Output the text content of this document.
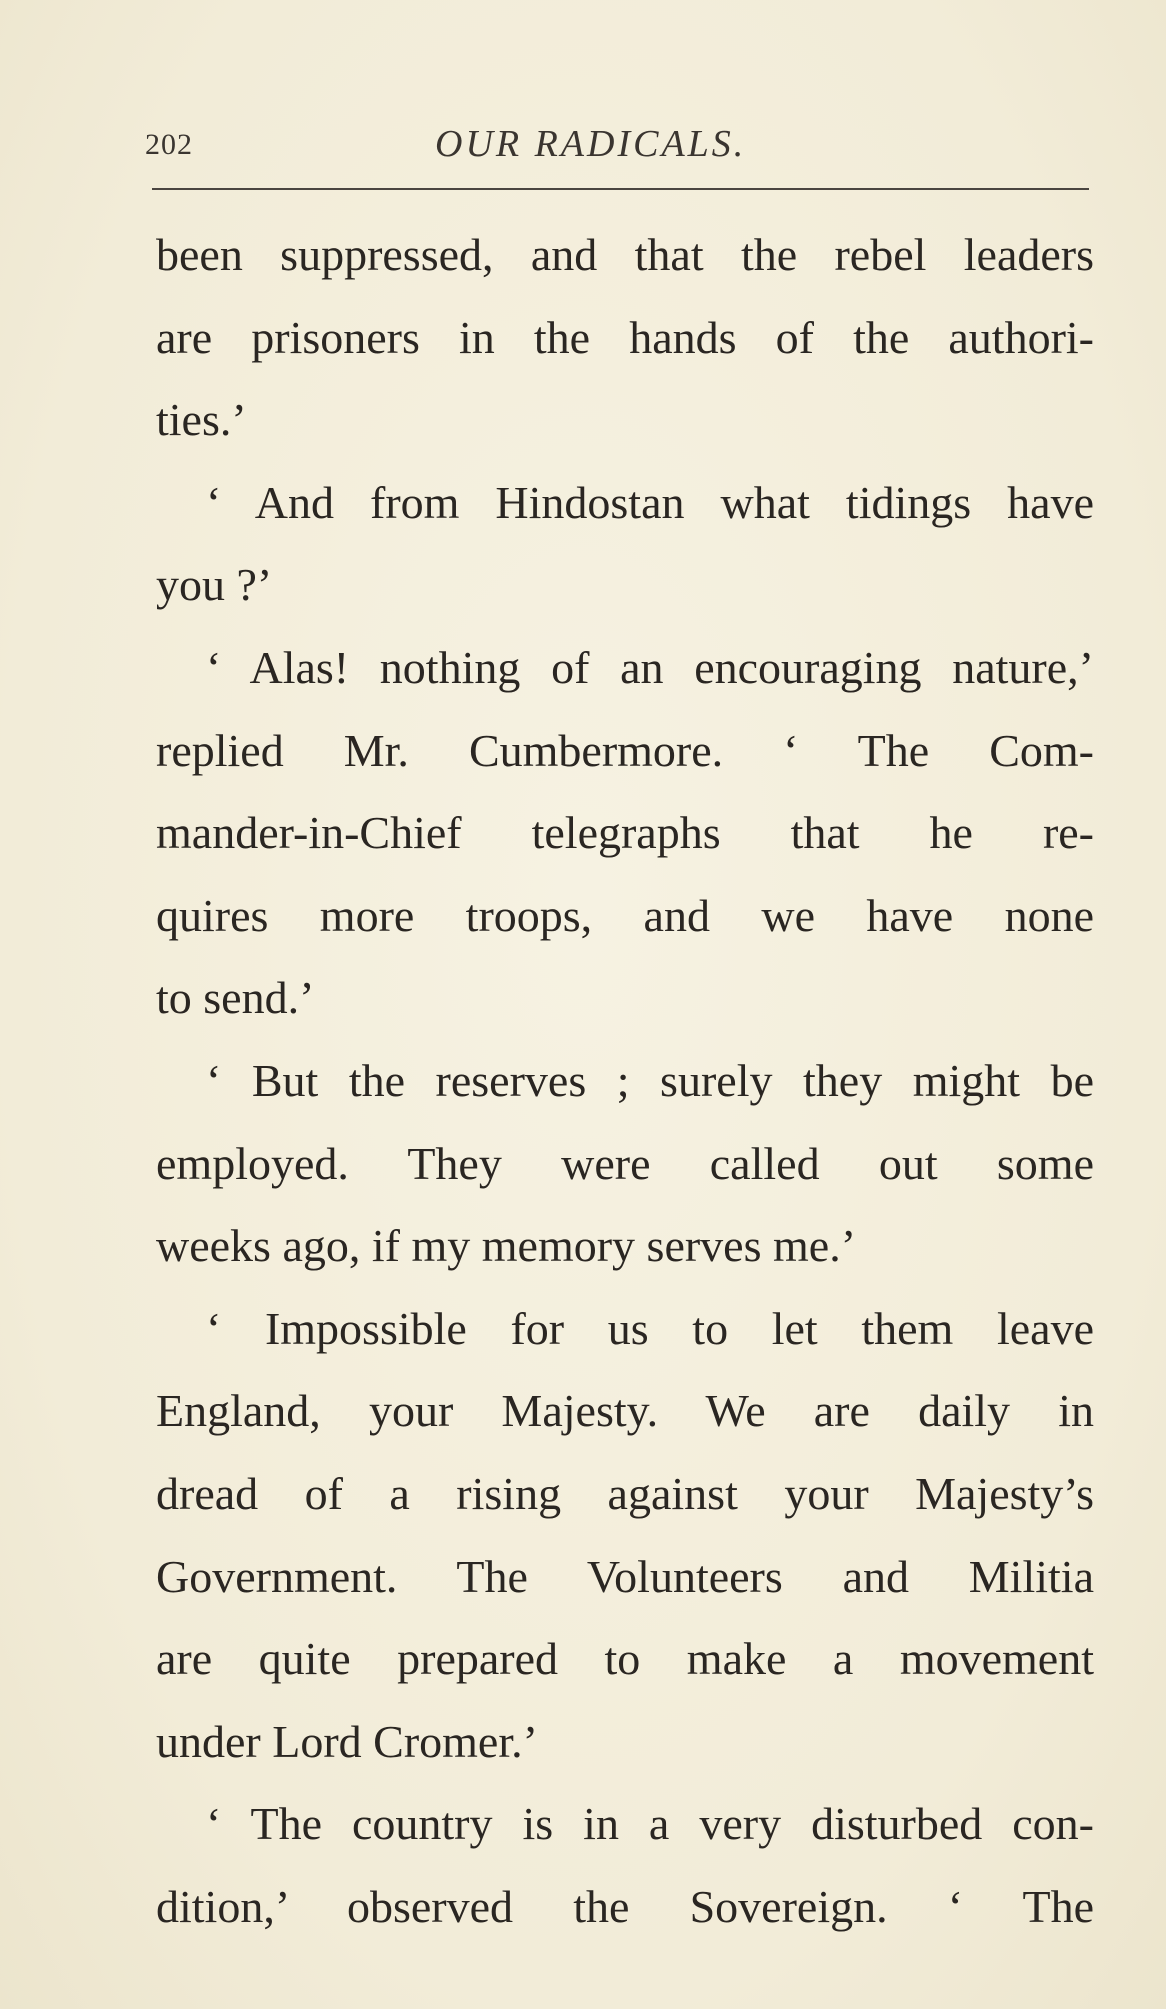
202	OUR RADICALS.
been suppressed, and that the rebel leaders
are prisoners in the hands of the authori-
ties.’
‘ And from Hindostan what tidings have
you ?’
‘ Alas! nothing of an encouraging nature,’
replied Mr. Cumbermore. ‘ The Com-
mander-in-Chief telegraphs that he re-
quires more troops, and we have none
to send.’
‘ But the reserves ; surely they might be
employed. They were called out some
weeks ago, if my memory serves me.’
‘ Impossible for us to let them leave
England, your Majesty. We are daily in
dread of a rising against your Majesty’s
Government. The Volunteers and Militia
are quite prepared to make a movement
under Lord Cromer.’
‘ The country is in a very disturbed con-
dition,’ observed the Sovereign. ‘ The
